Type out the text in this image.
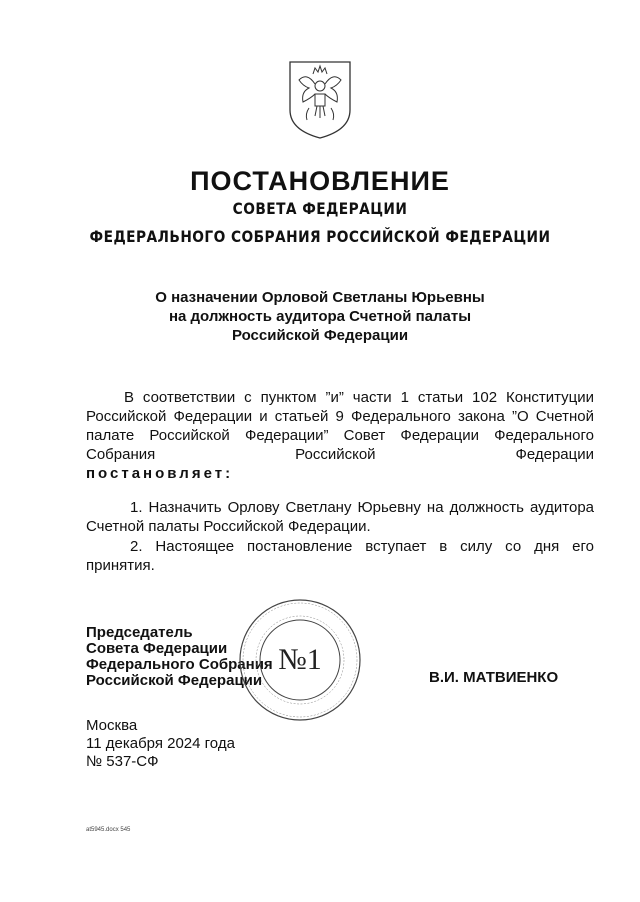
ПОСТАНОВЛЕНИЕ
СОВЕТА ФЕДЕРАЦИИ
ФЕДЕРАЛЬНОГО СОБРАНИЯ РОССИЙСКОЙ ФЕДЕРАЦИИ
О назначении Орловой Светланы Юрьевны
на должность аудитора Счетной палаты
Российской Федерации
В соответствии с пунктом ”и” части 1 статьи 102 Конституции Российской Федерации и статьей 9 Федерального закона ”О Счетной палате Российской Федерации” Совет Федерации Федерального Собрания Российской Федерации
постановляет:
1. Назначить Орлову Светлану Юрьевну на должность аудитора Счетной палаты Российской Федерации.
2. Настоящее постановление вступает в силу со дня его принятия.
Председатель
Совета Федерации
Федерального Собрания
Российской Федерации
№1
В.И. МАТВИЕНКО
Москва
11 декабря 2024 года
№ 537-СФ
at5945.docx 545
